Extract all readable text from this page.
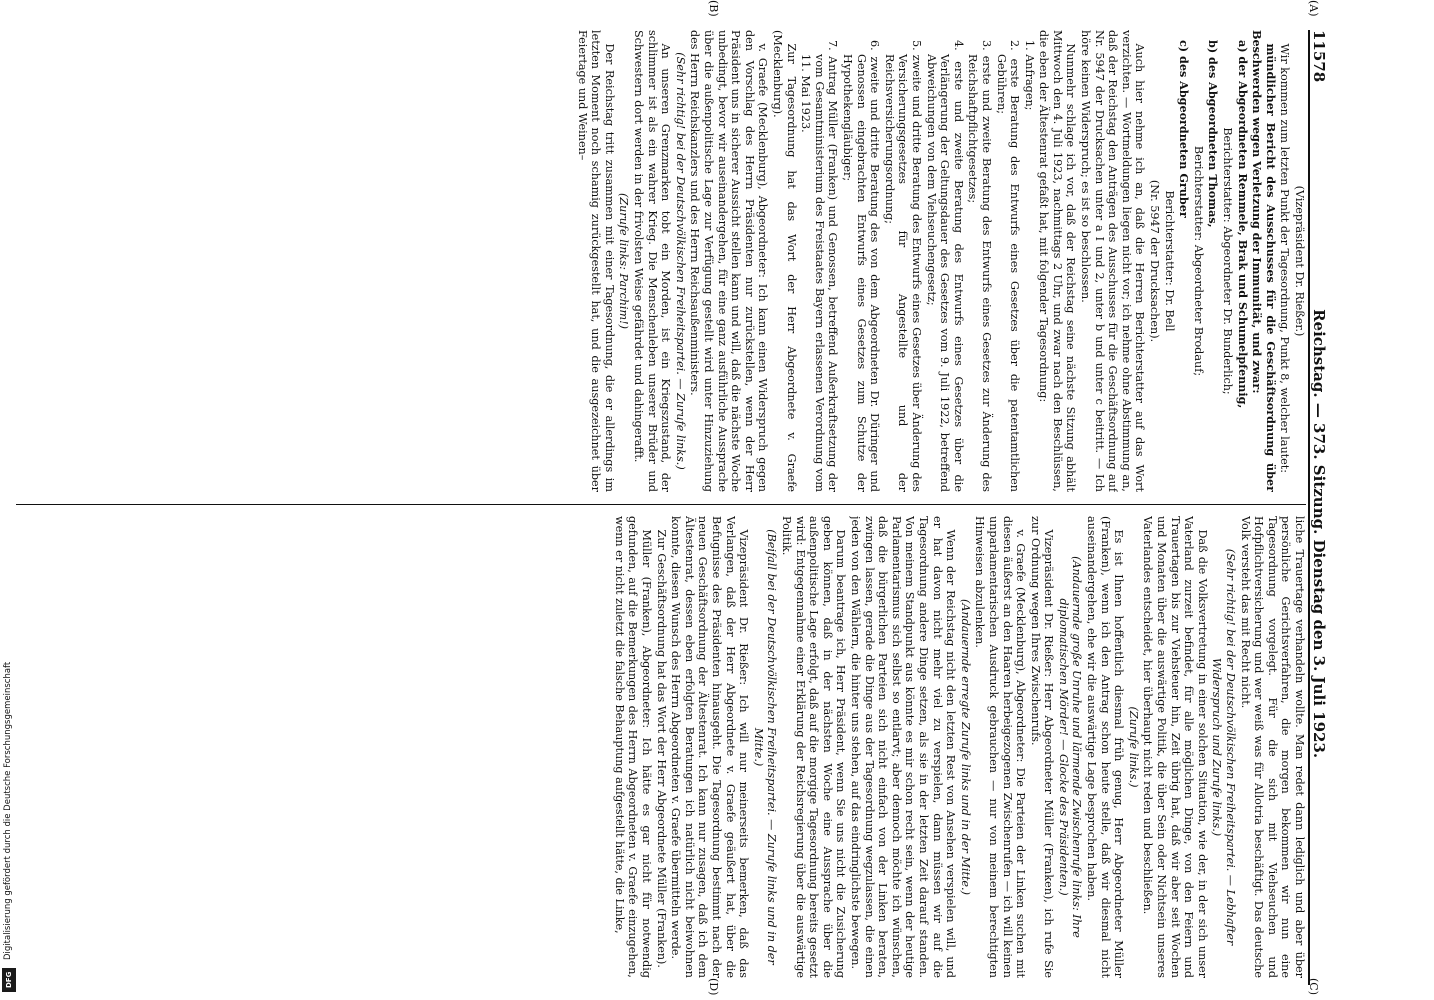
Digitalisierung gefördert durch die Deutsche Forschungsgemeinschaft
DFG
11578
Reichstag. — 373. Sitzung. Dienstag den 3. Juli 1923.
(A)
(B)
(C)
(D)

(Vizepräsident Dr. Rießer.)

Wir kommen zum letzten Punkt der Tagesordnung, Punkt 8, welcher lautet:

mündlicher Bericht des Ausschusses für die Geschäftsordnung über Beschwerden wegen Verletzung der Immunität, und zwar:

a) der Abgeordneten Remmele, Brak und Schumelpfennig,

Berichterstatter: Abgeordneter Dr. Bunderlich;

b) des Abgeordneten Thomas,

Berichterstatter: Abgeordneter Brodauf;

c) des Abgeordneten Gruber

Berichterstatter: Dr. Bell

(Nr. 5947 der Drucksachen).

Auch hier nehme ich an, daß die Herren Berichterstatter auf das Wort verzichten. — Wortmeldungen liegen nicht vor; ich nehme ohne Abstimmung an, daß der Reichstag den Anträgen des Ausschusses für die Geschäftsordnung auf Nr. 5947 der Drucksachen unter a I und 2, unter b und unter c beitritt. — Ich höre keinen Widerspruch; es ist so beschlossen.

Nunmehr schlage ich vor, daß der Reichstag seine nächste Sitzung abhält Mittwoch den 4. Juli 1923, nachmittags 2 Uhr, und zwar nach den Beschlüssen, die eben der Ältestenrat gefaßt hat, mit folgender Tagesordnung:

1. Anfragen;

2. erste Beratung des Entwurfs eines Gesetzes über die patentamtlichen Gebühren;

3. erste und zweite Beratung des Entwurfs eines Gesetzes zur Änderung des Reichshaftpflichtgesetzes;

4. erste und zweite Beratung des Entwurfs eines Gesetzes über die Verlängerung der Geltungsdauer des Gesetzes vom 9. Juli 1922, betreffend Abweichungen von dem Viehseuchengesetz;

5. zweite und dritte Beratung des Entwurfs eines Gesetzes über Änderung des Versicherungsgesetzes für Angestellte und der Reichsversicherungsordnung;

6. zweite und dritte Beratung des von dem Abgeordneten Dr. Düringer und Genossen eingebrachten Entwurfs eines Gesetzes zum Schutze der Hypothekengläubiger;

7. Antrag Müller (Franken) und Genossen, betreffend Außerkraftsetzung der vom Gesamtministerium des Freistaates Bayern erlassenen Verordnung vom 11. Mai 1923.

Zur Tagesordnung hat das Wort der Herr Abgeordnete v. Graefe (Mecklenburg).

v. Graefe (Mecklenburg), Abgeordneter: Ich kann einen Widerspruch gegen den Vorschlag des Herrn Präsidenten nur zurückstellen, wenn der Herr Präsident uns in sicherer Aussicht stellen kann und will, daß die nächste Woche unbedingt, bevor wir auseinandergehen, für eine ganz ausführliche Aussprache über die außenpolitische Lage zur Verfügung gestellt wird unter Hinzuziehung des Herrn Reichskanzlers und des Herrn Reichsaußenministers.

(Sehr richtig! bei der Deutschvölkischen Freiheitspartei. — Zurufe links.)

An unseren Grenzmarken tobt ein Morden, ist ein Kriegszustand, der schlimmer ist als ein wahrer Krieg. Die Menschenleben unserer Brüder und Schwestern dort werden in der frivolsten Weise gefährdet und dahingerafft.

(Zurufe links: Parchim!)

Der Reichstag tritt zusammen mit einer Tagesordnung, die er allerdings im letzten Moment noch schamig zurückgestellt hat, und die ausgezeichnet über Feiertage und Weinen–

liche Trauertage verhandeln wollte. Man redet dann lediglich und aber über persönliche Gerichtsverfahren, die morgen bekommen wir nun eine Tagesordnung vorgelegt. Für die sich mit Viehseuchen und Hofpflichtversicherung und wer weiß was für Allotria beschäftigt. Das deutsche Volk versteht das mit Recht nicht.

(Sehr richtig! bei der Deutschvölkischen Freiheitspartei. — Lebhafter Widerspruch und Zurufe links.)

Daß die Volksvertretung in einer solchen Situation, wie der, in der sich unser Vaterland zurzeit befindet, für alle möglichen Dinge, von den Feiern und Trauertagen bis zur Viehsteuer hin, Zeit übrig hat, daß wir aber seit Wochen und Monaten über die auswärtige Politik, die über Sein oder Nichtsein unseres Vaterlandes entscheidet, hier überhaupt nicht reden und beschließen.

(Zurufe links.)

Es ist Ihnen hoffentlich diesmal früh genug, Herr Abgeordneter Müller (Franken), wenn ich den Antrag schon heute stelle, daß wir diesmal nicht auseinandergehen, ehe wir die auswärtige Lage besprochen haben.

(Andauernde große Unruhe und lärmende Zwischenrufe links: Ihre diplomatischen Mörder! — Glocke des Präsidenten.)

Vizepräsident Dr. Rießer: Herr Abgeordneter Müller (Franken), ich rufe Sie zur Ordnung wegen Ihres Zwischenrufs.

v. Graefe (Mecklenburg), Abgeordneter: Die Parteien der Linken suchen mit diesen äußerst an den Haaren herbeigezogenen Zwischenrufen — ich will keinen unparlamentarischen Ausdruck gebrauchen — nur von meinem berechtigten Hinweisen abzulenken.

(Andauernde erregte Zurufe links und in der Mitte.)

Wenn der Reichstag nicht den letzten Rest von Ansehen verspielen will, und er hat davon nicht mehr viel zu verspielen, dann müssen wir auf die Tagesordnung andere Dinge setzen, als sie in der letzten Zeit darauf standen. Von meinem Standpunkt aus könnte es mir schon recht sein, wenn der heutige Parlamentarismus sich selbst so entlarvt; aber dennoch möchte ich wünschen, daß die bürgerlichen Parteien sich nicht einfach von der Linken beraten, zwingen lassen, gerade die Dinge aus der Tagesordnung wegzulassen, die einen jeden von den Wählern, die hinter uns stehen, auf das eindringlichste bewegen.

Darum beantrage ich, Herr Präsident, wenn Sie uns nicht die Zusicherung geben können, daß in der nächsten Woche eine Aussprache über die außenpolitische Lage erfolgt, daß auf die morgige Tagesordnung bereits gesetzt wird: Entgegennahme einer Erklärung der Reichsregierung über die auswärtige Politik.

(Beifall bei der Deutschvölkischen Freiheitspartei. — Zurufe links und in der Mitte.)

Vizepräsident Dr. Rießer: Ich will nur meinerseits bemerken, daß das Verlangen, daß der Herr Abgeordnete v. Graefe geäußert hat, über die Befugnisse des Präsidenten hinausgeht. Die Tagesordnung bestimmt nach der neuen Geschäftsordnung der Ältestenrat. Ich kann nur zusagen, daß ich dem Ältestenrat, dessen eben erfolgten Beratungen ich natürlich nicht beiwohnen konnte, diesen Wunsch des Herrn Abgeordneten v. Graefe übermitteln werde.

Zur Geschäftsordnung hat das Wort der Herr Abgeordnete Müller (Franken).

Müller (Franken), Abgeordneter: Ich hätte es gar nicht für notwendig gefunden, auf die Bemerkungen des Herrn Abgeordneten v. Graefe einzugehen, wenn er nicht zuletzt die falsche Behauptung aufgestellt hätte, die Linke,
